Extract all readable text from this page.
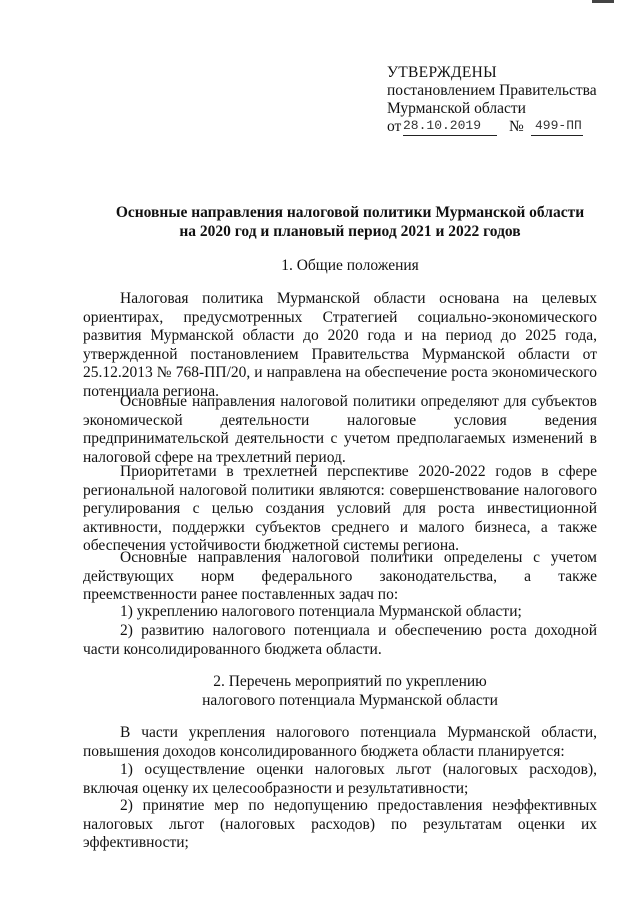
УТВЕРЖДЕНЫ
постановлением Правительства
Мурманской области
от 28.10.2019	№ 499-ПП
Основные направления налоговой политики Мурманской области
на 2020 год и плановый период 2021 и 2022 годов
1. Общие положения
Налоговая политика Мурманской области основана на целевых ориентирах, предусмотренных Стратегией социально-экономического развития Мурманской области до 2020 года и на период до 2025 года, утвержденной постановлением Правительства Мурманской области от 25.12.2013 № 768-ПП/20, и направлена на обеспечение роста экономического потенциала региона.
Основные направления налоговой политики определяют для субъектов экономической деятельности налоговые условия ведения предпринимательской деятельности с учетом предполагаемых изменений в налоговой сфере на трехлетний период.
Приоритетами в трехлетней перспективе 2020-2022 годов в сфере региональной налоговой политики являются: совершенствование налогового регулирования с целью создания условий для роста инвестиционной активности, поддержки субъектов среднего и малого бизнеса, а также обеспечения устойчивости бюджетной системы региона.
Основные направления налоговой политики определены с учетом действующих норм федерального законодательства, а также преемственности ранее поставленных задач по:
1) укреплению налогового потенциала Мурманской области;
2) развитию налогового потенциала и обеспечению роста доходной части консолидированного бюджета области.
2. Перечень мероприятий по укреплению
налогового потенциала Мурманской области
В части укрепления налогового потенциала Мурманской области, повышения доходов консолидированного бюджета области планируется:
1) осуществление оценки налоговых льгот (налоговых расходов), включая оценку их целесообразности и результативности;
2) принятие мер по недопущению предоставления неэффективных налоговых льгот (налоговых расходов) по результатам оценки их эффективности;
